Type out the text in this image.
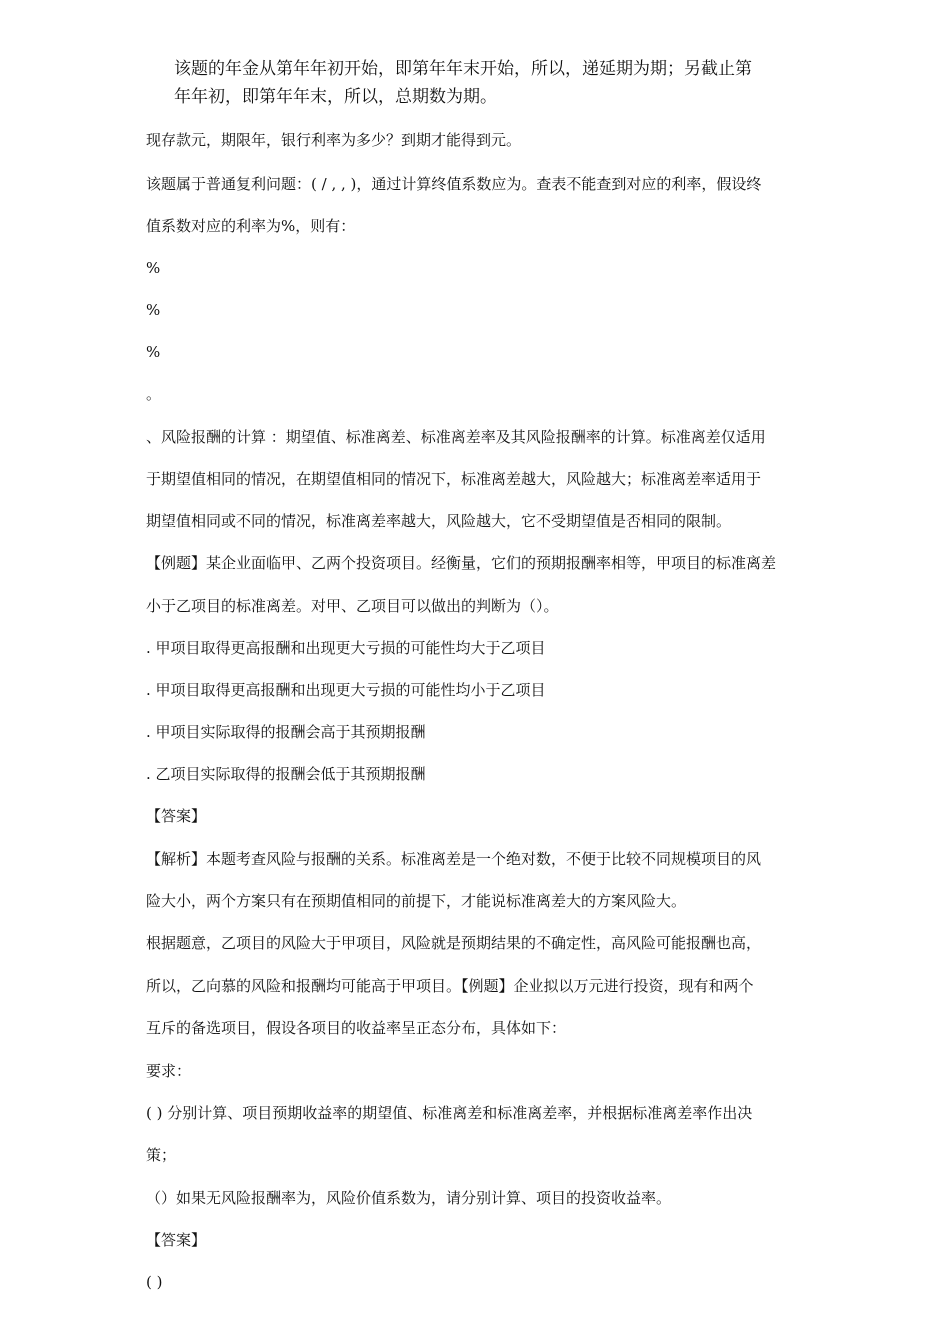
该题的年金从第年年初开始，即第年年末开始，所以，递延期为期；另截止第
年年初，即第年年末，所以，总期数为期。
现存款元，期限年，银行利率为多少？到期才能得到元。
该题属于普通复利问题：( / , , )，通过计算终值系数应为。查表不能查到对应的利率，假设终
值系数对应的利率为%，则有：
%
%
%
。
、风险报酬的计算 ：期望值、标准离差、标准离差率及其风险报酬率的计算。标准离差仅适用
于期望值相同的情况，在期望值相同的情况下，标准离差越大，风险越大；标准离差率适用于
期望值相同或不同的情况，标准离差率越大，风险越大，它不受期望值是否相同的限制。
【例题】某企业面临甲、乙两个投资项目。经衡量，它们的预期报酬率相等，甲项目的标准离差
小于乙项目的标准离差。对甲、乙项目可以做出的判断为（）。
. 甲项目取得更高报酬和出现更大亏损的可能性均大于乙项目
. 甲项目取得更高报酬和出现更大亏损的可能性均小于乙项目
. 甲项目实际取得的报酬会高于其预期报酬
. 乙项目实际取得的报酬会低于其预期报酬
【答案】
【解析】本题考查风险与报酬的关系。标准离差是一个绝对数，不便于比较不同规模项目的风
险大小，两个方案只有在预期值相同的前提下，才能说标准离差大的方案风险大。
根据题意，乙项目的风险大于甲项目，风险就是预期结果的不确定性，高风险可能报酬也高，
所以，乙向慕的风险和报酬均可能高于甲项目。【例题】企业拟以万元进行投资，现有和两个
互斥的备选项目，假设各项目的收益率呈正态分布，具体如下：
要求：
( ) 分别计算、项目预期收益率的期望值、标准离差和标准离差率，并根据标准离差率作出决
策；
（）如果无风险报酬率为，风险价值系数为，请分别计算、项目的投资收益率。
【答案】
( )
